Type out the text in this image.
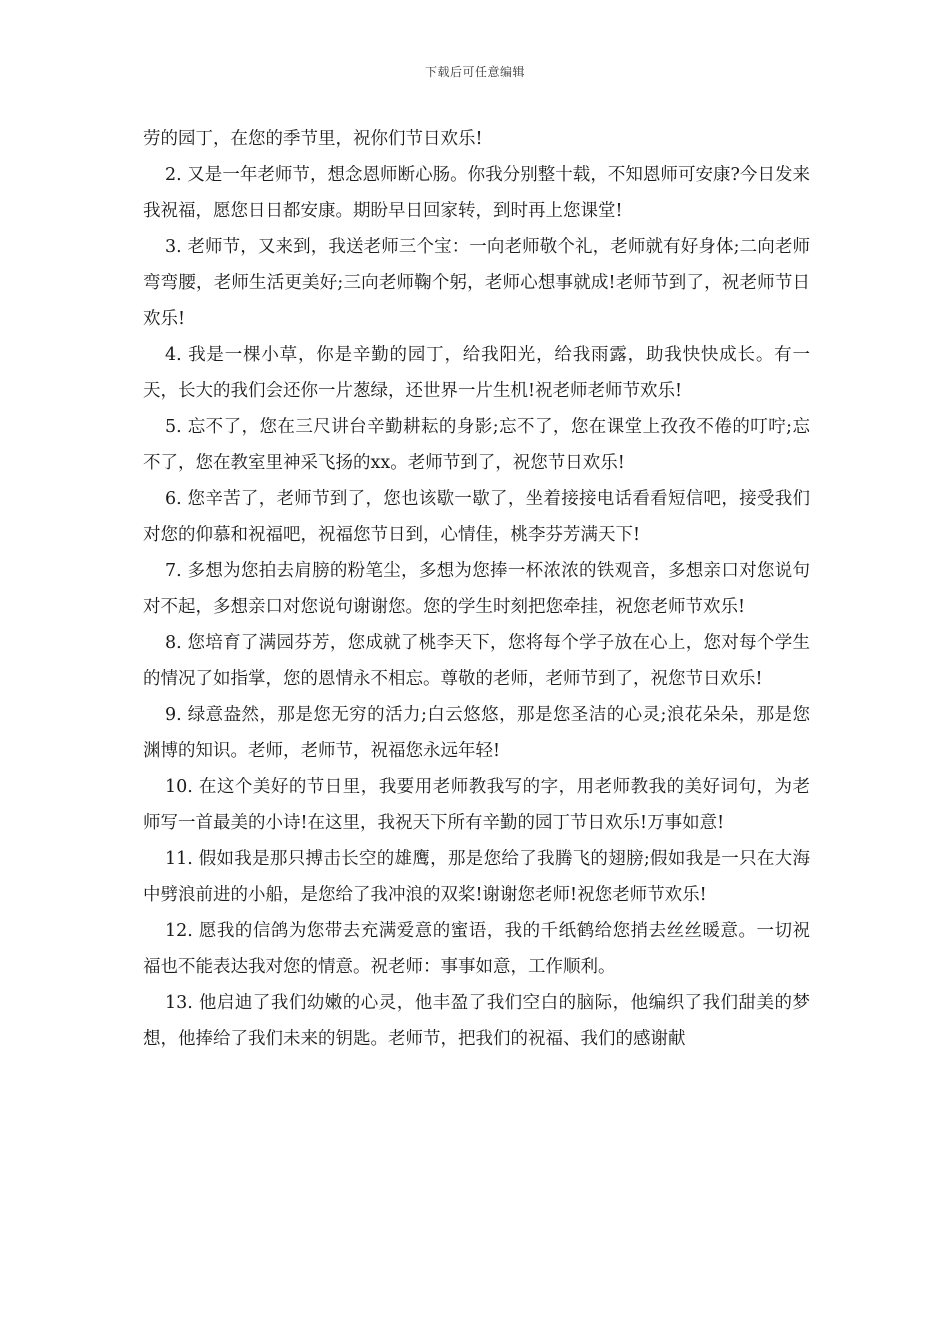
下载后可任意编辑

劳的园丁，在您的季节里，祝你们节日欢乐!

2. 又是一年老师节，想念恩师断心肠。你我分别整十载，不知恩师可安康?今日发来我祝福，愿您日日都安康。期盼早日回家转，到时再上您课堂!

3. 老师节，又来到，我送老师三个宝：一向老师敬个礼，老师就有好身体;二向老师弯弯腰，老师生活更美好;三向老师鞠个躬，老师心想事就成!老师节到了，祝老师节日欢乐!

4. 我是一棵小草，你是辛勤的园丁，给我阳光，给我雨露，助我快快成长。有一天，长大的我们会还你一片葱绿，还世界一片生机!祝老师老师节欢乐!

5. 忘不了，您在三尺讲台辛勤耕耘的身影;忘不了，您在课堂上孜孜不倦的叮咛;忘不了，您在教室里神采飞扬的xx。老师节到了，祝您节日欢乐!

6. 您辛苦了，老师节到了，您也该歇一歇了，坐着接接电话看看短信吧，接受我们对您的仰慕和祝福吧，祝福您节日到，心情佳，桃李芬芳满天下!

7. 多想为您拍去肩膀的粉笔尘，多想为您捧一杯浓浓的铁观音，多想亲口对您说句对不起，多想亲口对您说句谢谢您。您的学生时刻把您牵挂，祝您老师节欢乐!

8. 您培育了满园芬芳，您成就了桃李天下，您将每个学子放在心上，您对每个学生的情况了如指掌，您的恩情永不相忘。尊敬的老师，老师节到了，祝您节日欢乐!

9. 绿意盎然，那是您无穷的活力;白云悠悠，那是您圣洁的心灵;浪花朵朵，那是您渊博的知识。老师，老师节，祝福您永远年轻!

10. 在这个美好的节日里，我要用老师教我写的字，用老师教我的美好词句，为老师写一首最美的小诗!在这里，我祝天下所有辛勤的园丁节日欢乐!万事如意!

11. 假如我是那只搏击长空的雄鹰，那是您给了我腾飞的翅膀;假如我是一只在大海中劈浪前进的小船，是您给了我冲浪的双桨!谢谢您老师!祝您老师节欢乐!

12. 愿我的信鸽为您带去充满爱意的蜜语，我的千纸鹤给您捎去丝丝暖意。一切祝福也不能表达我对您的情意。祝老师：事事如意，工作顺利。

13. 他启迪了我们幼嫩的心灵，他丰盈了我们空白的脑际，他编织了我们甜美的梦想，他捧给了我们未来的钥匙。老师节，把我们的祝福、我们的感谢献
